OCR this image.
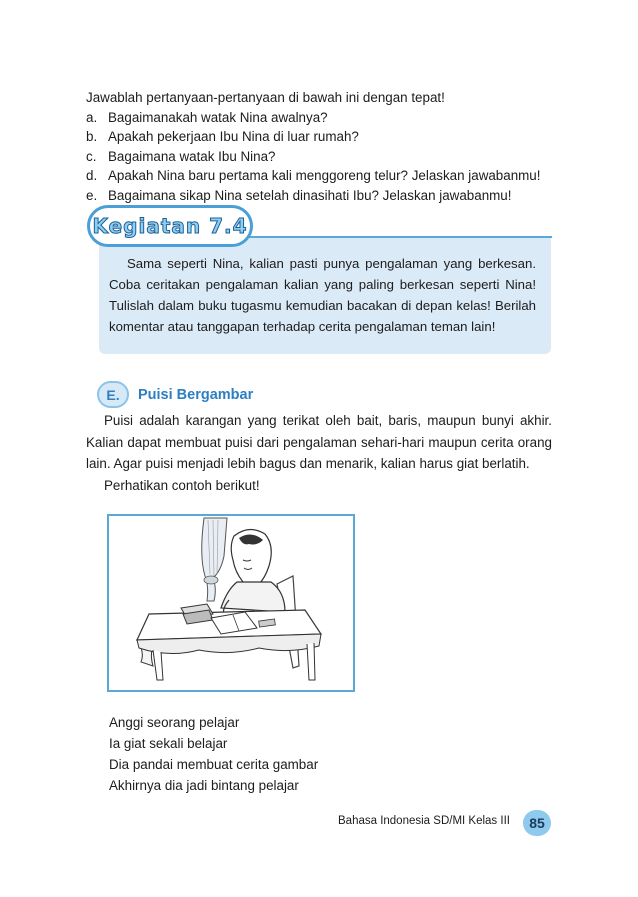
Jawablah pertanyaan-pertanyaan di bawah ini dengan tepat!
a. Bagaimanakah watak Nina awalnya?
b. Apakah pekerjaan Ibu Nina di luar rumah?
c. Bagaimana watak Ibu Nina?
d. Apakah Nina baru pertama kali menggoreng telur? Jelaskan jawabanmu!
e. Bagaimana sikap Nina setelah dinasihati Ibu? Jelaskan jawabanmu!
Kegiatan 7.4

Sama seperti Nina, kalian pasti punya pengalaman yang berkesan. Coba ceritakan pengalaman kalian yang paling berkesan seperti Nina! Tulislah dalam buku tugasmu kemudian bacakan di depan kelas! Berilah komentar atau tanggapan terhadap cerita pengalaman teman lain!

E.	Puisi Bergambar

Puisi adalah karangan yang terikat oleh bait, baris, maupun bunyi akhir. Kalian dapat membuat puisi dari pengalaman sehari-hari maupun cerita orang lain. Agar puisi menjadi lebih bagus dan menarik, kalian harus giat berlatih.

Perhatikan contoh berikut!

Anggi seorang pelajar
Ia giat sekali belajar
Dia pandai membuat cerita gambar
Akhirnya dia jadi bintang pelajar
Bahasa Indonesia SD/MI Kelas III	85
